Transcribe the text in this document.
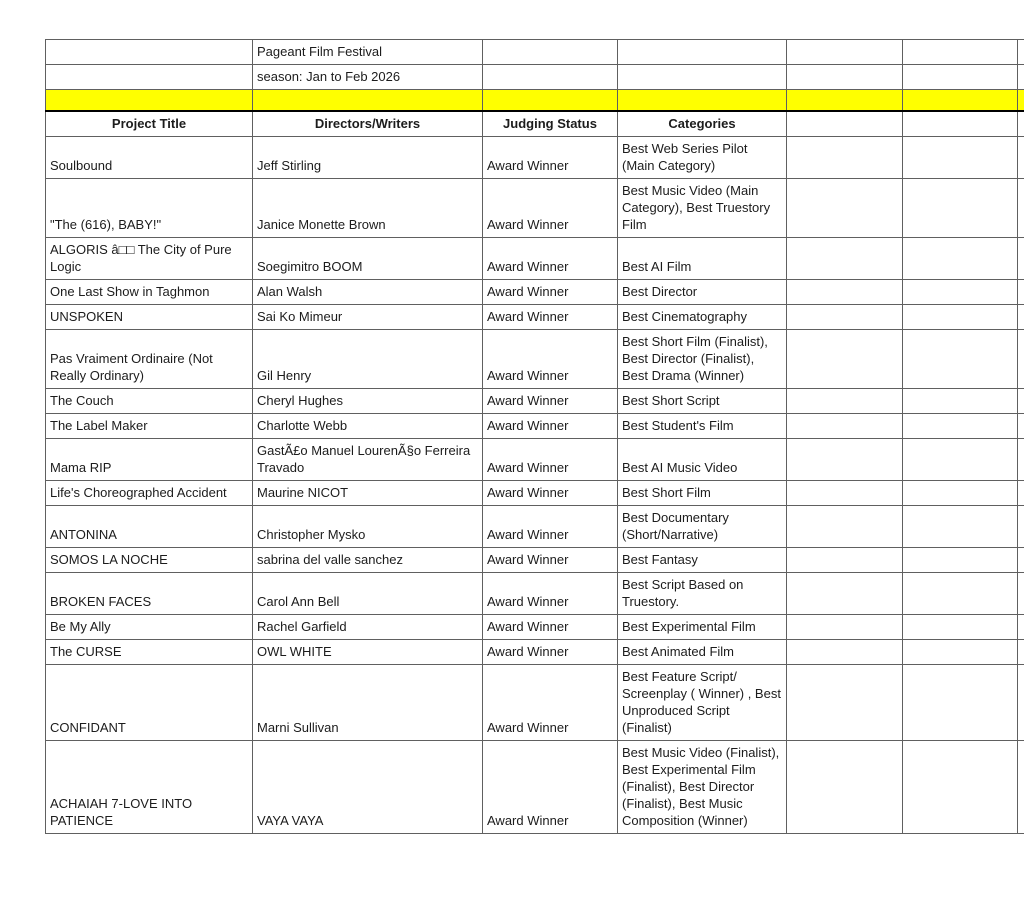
	Pageant Film Festival					
	season: Jan to Feb 2026					

Project Title	Directors/Writers	Judging Status	Categories			
Soulbound	Jeff Stirling	Award Winner	Best Web Series Pilot (Main Category)			
"The (616), BABY!"	Janice Monette Brown	Award Winner	Best Music Video (Main Category), Best Truestory Film			
ALGORIS â□□ The City of Pure Logic	Soegimitro BOOM	Award Winner	Best AI Film			
One Last Show in Taghmon	Alan Walsh	Award Winner	Best Director			
UNSPOKEN	Sai Ko Mimeur	Award Winner	Best Cinematography			
Pas Vraiment Ordinaire (Not Really Ordinary)	Gil Henry	Award Winner	Best Short Film (Finalist), Best Director (Finalist), Best Drama (Winner)			
The Couch	Cheryl Hughes	Award Winner	Best Short Script			
The Label Maker	Charlotte Webb	Award Winner	Best Student's Film			
Mama RIP	GastÃ£o Manuel LourenÃ§o Ferreira Travado	Award Winner	Best AI Music Video			
Life's Choreographed Accident	Maurine NICOT	Award Winner	Best Short Film			
ANTONINA	Christopher Mysko	Award Winner	Best Documentary (Short/Narrative)			
SOMOS LA NOCHE	sabrina del valle sanchez	Award Winner	Best Fantasy			
BROKEN FACES	Carol Ann Bell	Award Winner	Best Script Based on Truestory.			
Be My Ally	Rachel Garfield	Award Winner	Best Experimental Film			
The CURSE	OWL WHITE	Award Winner	Best Animated Film			
CONFIDANT	Marni Sullivan	Award Winner	Best Feature Script/ Screenplay ( Winner) , Best Unproduced Script (Finalist)			
ACHAIAH 7-LOVE INTO PATIENCE	VAYA VAYA	Award Winner	Best Music Video (Finalist), Best Experimental Film (Finalist), Best Director (Finalist), Best Music Composition (Winner)			
